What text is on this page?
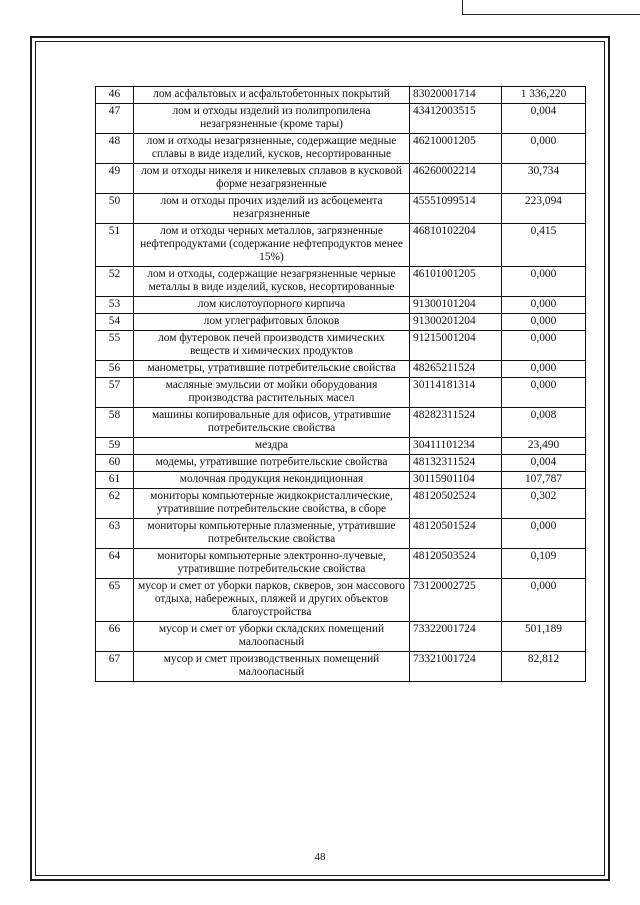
46	лом асфальтовых и асфальтобетонных покрытий	83020001714	1 336,220
47	лом и отходы изделий из полипропилена незагрязненные (кроме тары)	43412003515	0,004
48	лом и отходы незагрязненные, содержащие медные сплавы в виде изделий, кусков, несортированные	46210001205	0,000
49	лом и отходы никеля и никелевых сплавов в кусковой форме незагрязненные	46260002214	30,734
50	лом и отходы прочих изделий из асбоцемента незагрязненные	45551099514	223,094
51	лом и отходы черных металлов, загрязненные нефтепродуктами (содержание нефтепродуктов менее 15%)	46810102204	0,415
52	лом и отходы, содержащие незагрязненные черные металлы в виде изделий, кусков, несортированные	46101001205	0,000
53	лом кислотоупорного кирпича	91300101204	0,000
54	лом углеграфитовых блоков	91300201204	0,000
55	лом футеровок печей производств химических веществ и химических продуктов	91215001204	0,000
56	манометры, утратившие потребительские свойства	48265211524	0,000
57	масляные эмульсии от мойки оборудования производства растительных масел	30114181314	0,000
58	машины копировальные для офисов, утратившие потребительские свойства	48282311524	0,008
59	мездра	30411101234	23,490
60	модемы, утратившие потребительские свойства	48132311524	0,004
61	молочная продукция некондиционная	30115901104	107,787
62	мониторы компьютерные жидкокристаллические, утратившие потребительские свойства, в сборе	48120502524	0,302
63	мониторы компьютерные плазменные, утратившие потребительские свойства	48120501524	0,000
64	мониторы компьютерные электронно-лучевые, утратившие потребительские свойства	48120503524	0,109
65	мусор и смет от уборки парков, скверов, зон массового отдыха, набережных, пляжей и других объектов благоустройства	73120002725	0,000
66	мусор и смет от уборки складских помещений малоопасный	73322001724	501,189
67	мусор и смет производственных помещений малоопасный	73321001724	82,812
48
